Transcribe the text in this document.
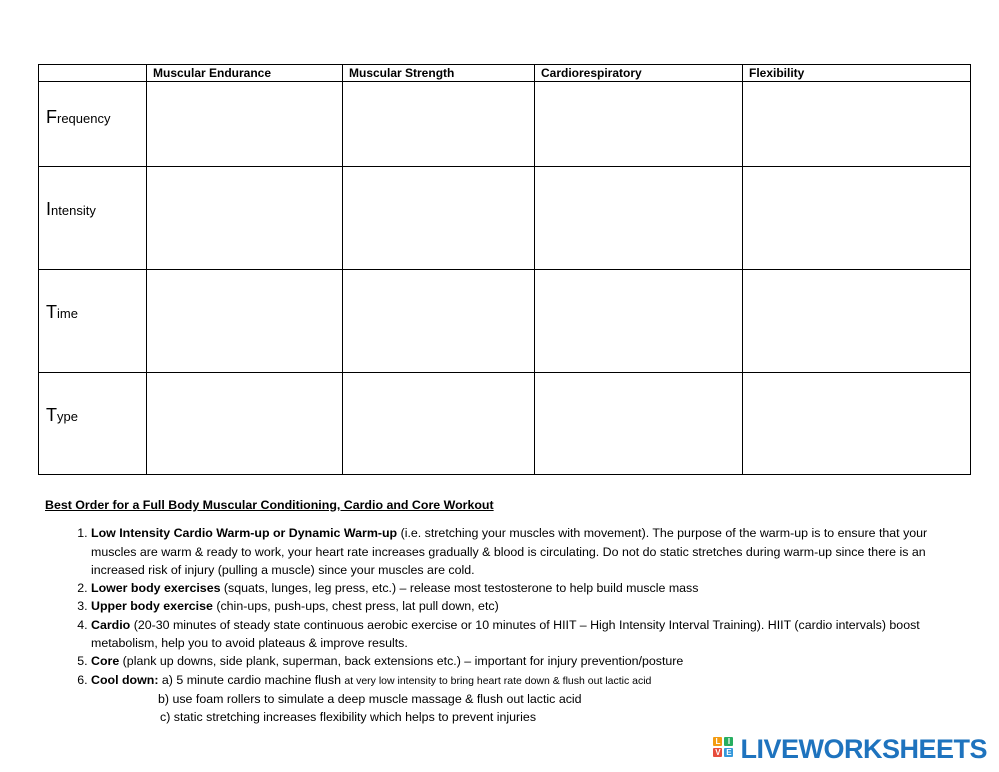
	Muscular Endurance	Muscular Strength	Cardiorespiratory	Flexibility

Frequency				

Intensity				

Time				

Type				

Best Order for a Full Body Muscular Conditioning, Cardio and Core Workout

1. Low Intensity Cardio Warm-up or Dynamic Warm-up (i.e. stretching your muscles with movement). The purpose of the warm-up is to ensure that your muscles are warm & ready to work, your heart rate increases gradually & blood is circulating. Do not do static stretches during warm-up since there is an increased risk of injury (pulling a muscle) since your muscles are cold.
2. Lower body exercises (squats, lunges, leg press, etc.) – release most testosterone to help build muscle mass
3. Upper body exercise (chin-ups, push-ups, chest press, lat pull down, etc)
4. Cardio (20-30 minutes of steady state continuous aerobic exercise or 10 minutes of HIIT – High Intensity Interval Training). HIIT (cardio intervals) boost metabolism, help you to avoid plateaus & improve results.
5. Core (plank up downs, side plank, superman, back extensions etc.) – important for injury prevention/posture
6. Cool down: a) 5 minute cardio machine flush at very low intensity to bring heart rate down & flush out lactic acid
b) use foam rollers to simulate a deep muscle massage & flush out lactic acid
c) static stretching increases flexibility which helps to prevent injuries
L I
V E LIVEWORKSHEETS
